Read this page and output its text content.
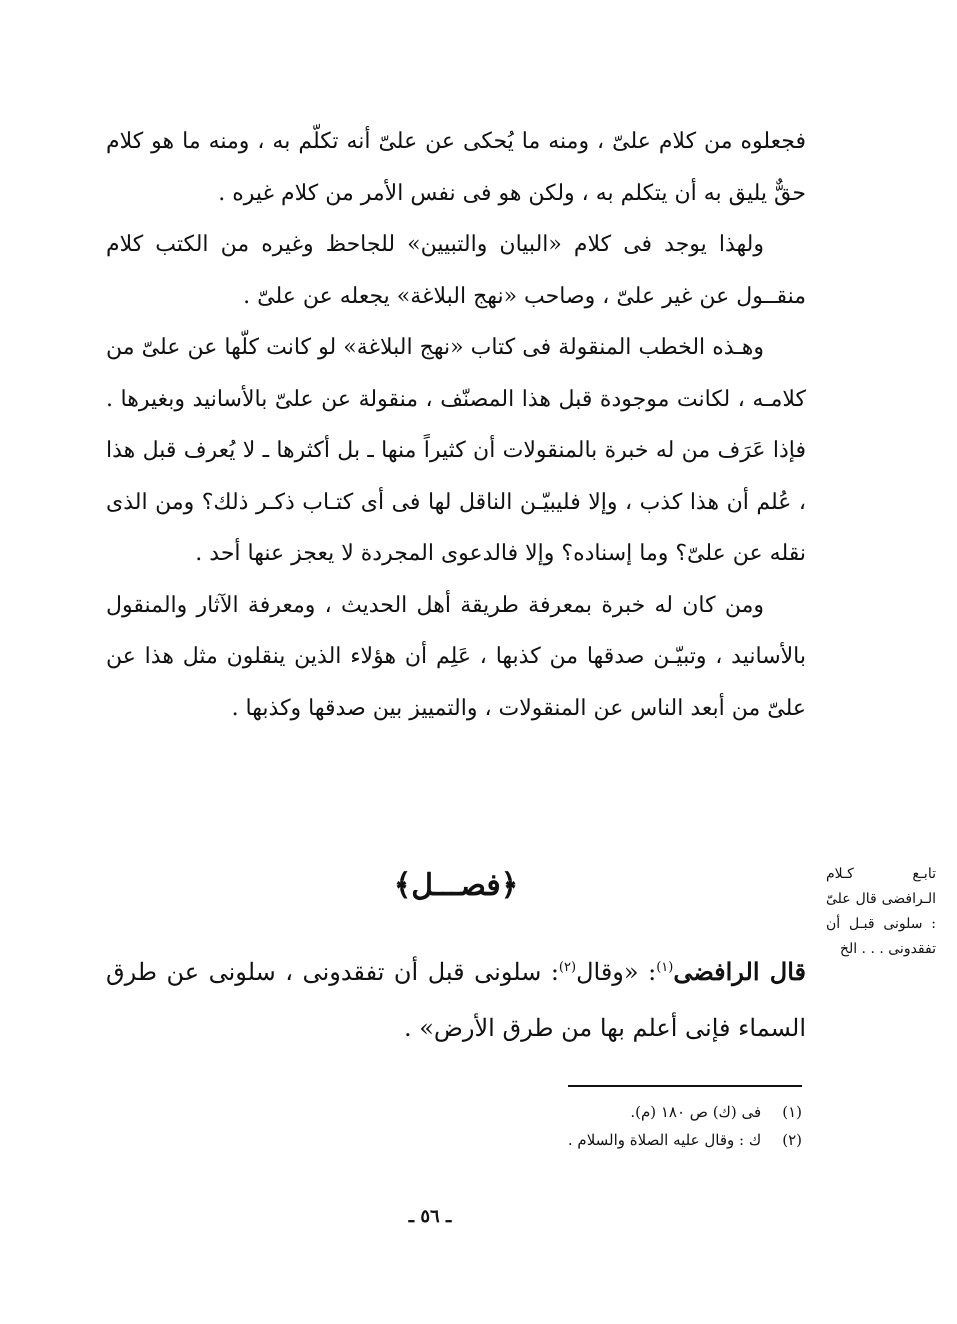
فجعلوه من كلام علىّ ، ومنه ما يُحكى عن علىّ أنه تكلّم به ، ومنه ما هو كلام حقٌّ يليق به أن يتكلم به ، ولكن هو فى نفس الأمر من كلام غيره .

ولهذا يوجد فى كلام «البيان والتبيين» للجاحظ وغيره من الكتب كلام منقــول عن غير علىّ ، وصاحب «نهج البلاغة» يجعله عن علىّ .

وهـذه الخطب المنقولة فى كتاب «نهج البلاغة» لو كانت كلّها عن علىّ من كلامـه ، لكانت موجودة قبل هذا المصنّف ، منقولة عن علىّ بالأسانيد وبغيرها . فإذا عَرَف من له خبرة بالمنقولات أن كثيراً منها ـ بل أكثرها ـ لا يُعرف قبل هذا ، عُلم أن هذا كذب ، وإلا فليبيّـن الناقل لها فى أى كتـاب ذكـر ذلك؟ ومن الذى نقله عن علىّ؟ وما إسناده؟ وإلا فالدعوى المجردة لا يعجز عنها أحد .

ومن كان له خبرة بمعرفة طريقة أهل الحديث ، ومعرفة الآثار والمنقول بالأسانيد ، وتبيّـن صدقها من كذبها ، عَلِم أن هؤلاء الذين ينقلون مثل هذا عن علىّ من أبعد الناس عن المنقولات ، والتمييز بين صدقها وكذبها .

﴿فصـــل﴾
قال الرافضى$^{(١)}$: «وقال$^{(٢)}$: سلونى قبل أن تفقدونى ، سلونى عن طرق السماء فإنى أعلم بها من طرق الأرض» .
تابـع كـلام الـرافضى قال علىّ : سلونى قبـل أن تفقدونى . . . الخ
(١) فى (ك) ص ١٨٠ (م).
(٢) ك : وقال عليه الصلاة والسلام .
ـ ٥٦ ـ
